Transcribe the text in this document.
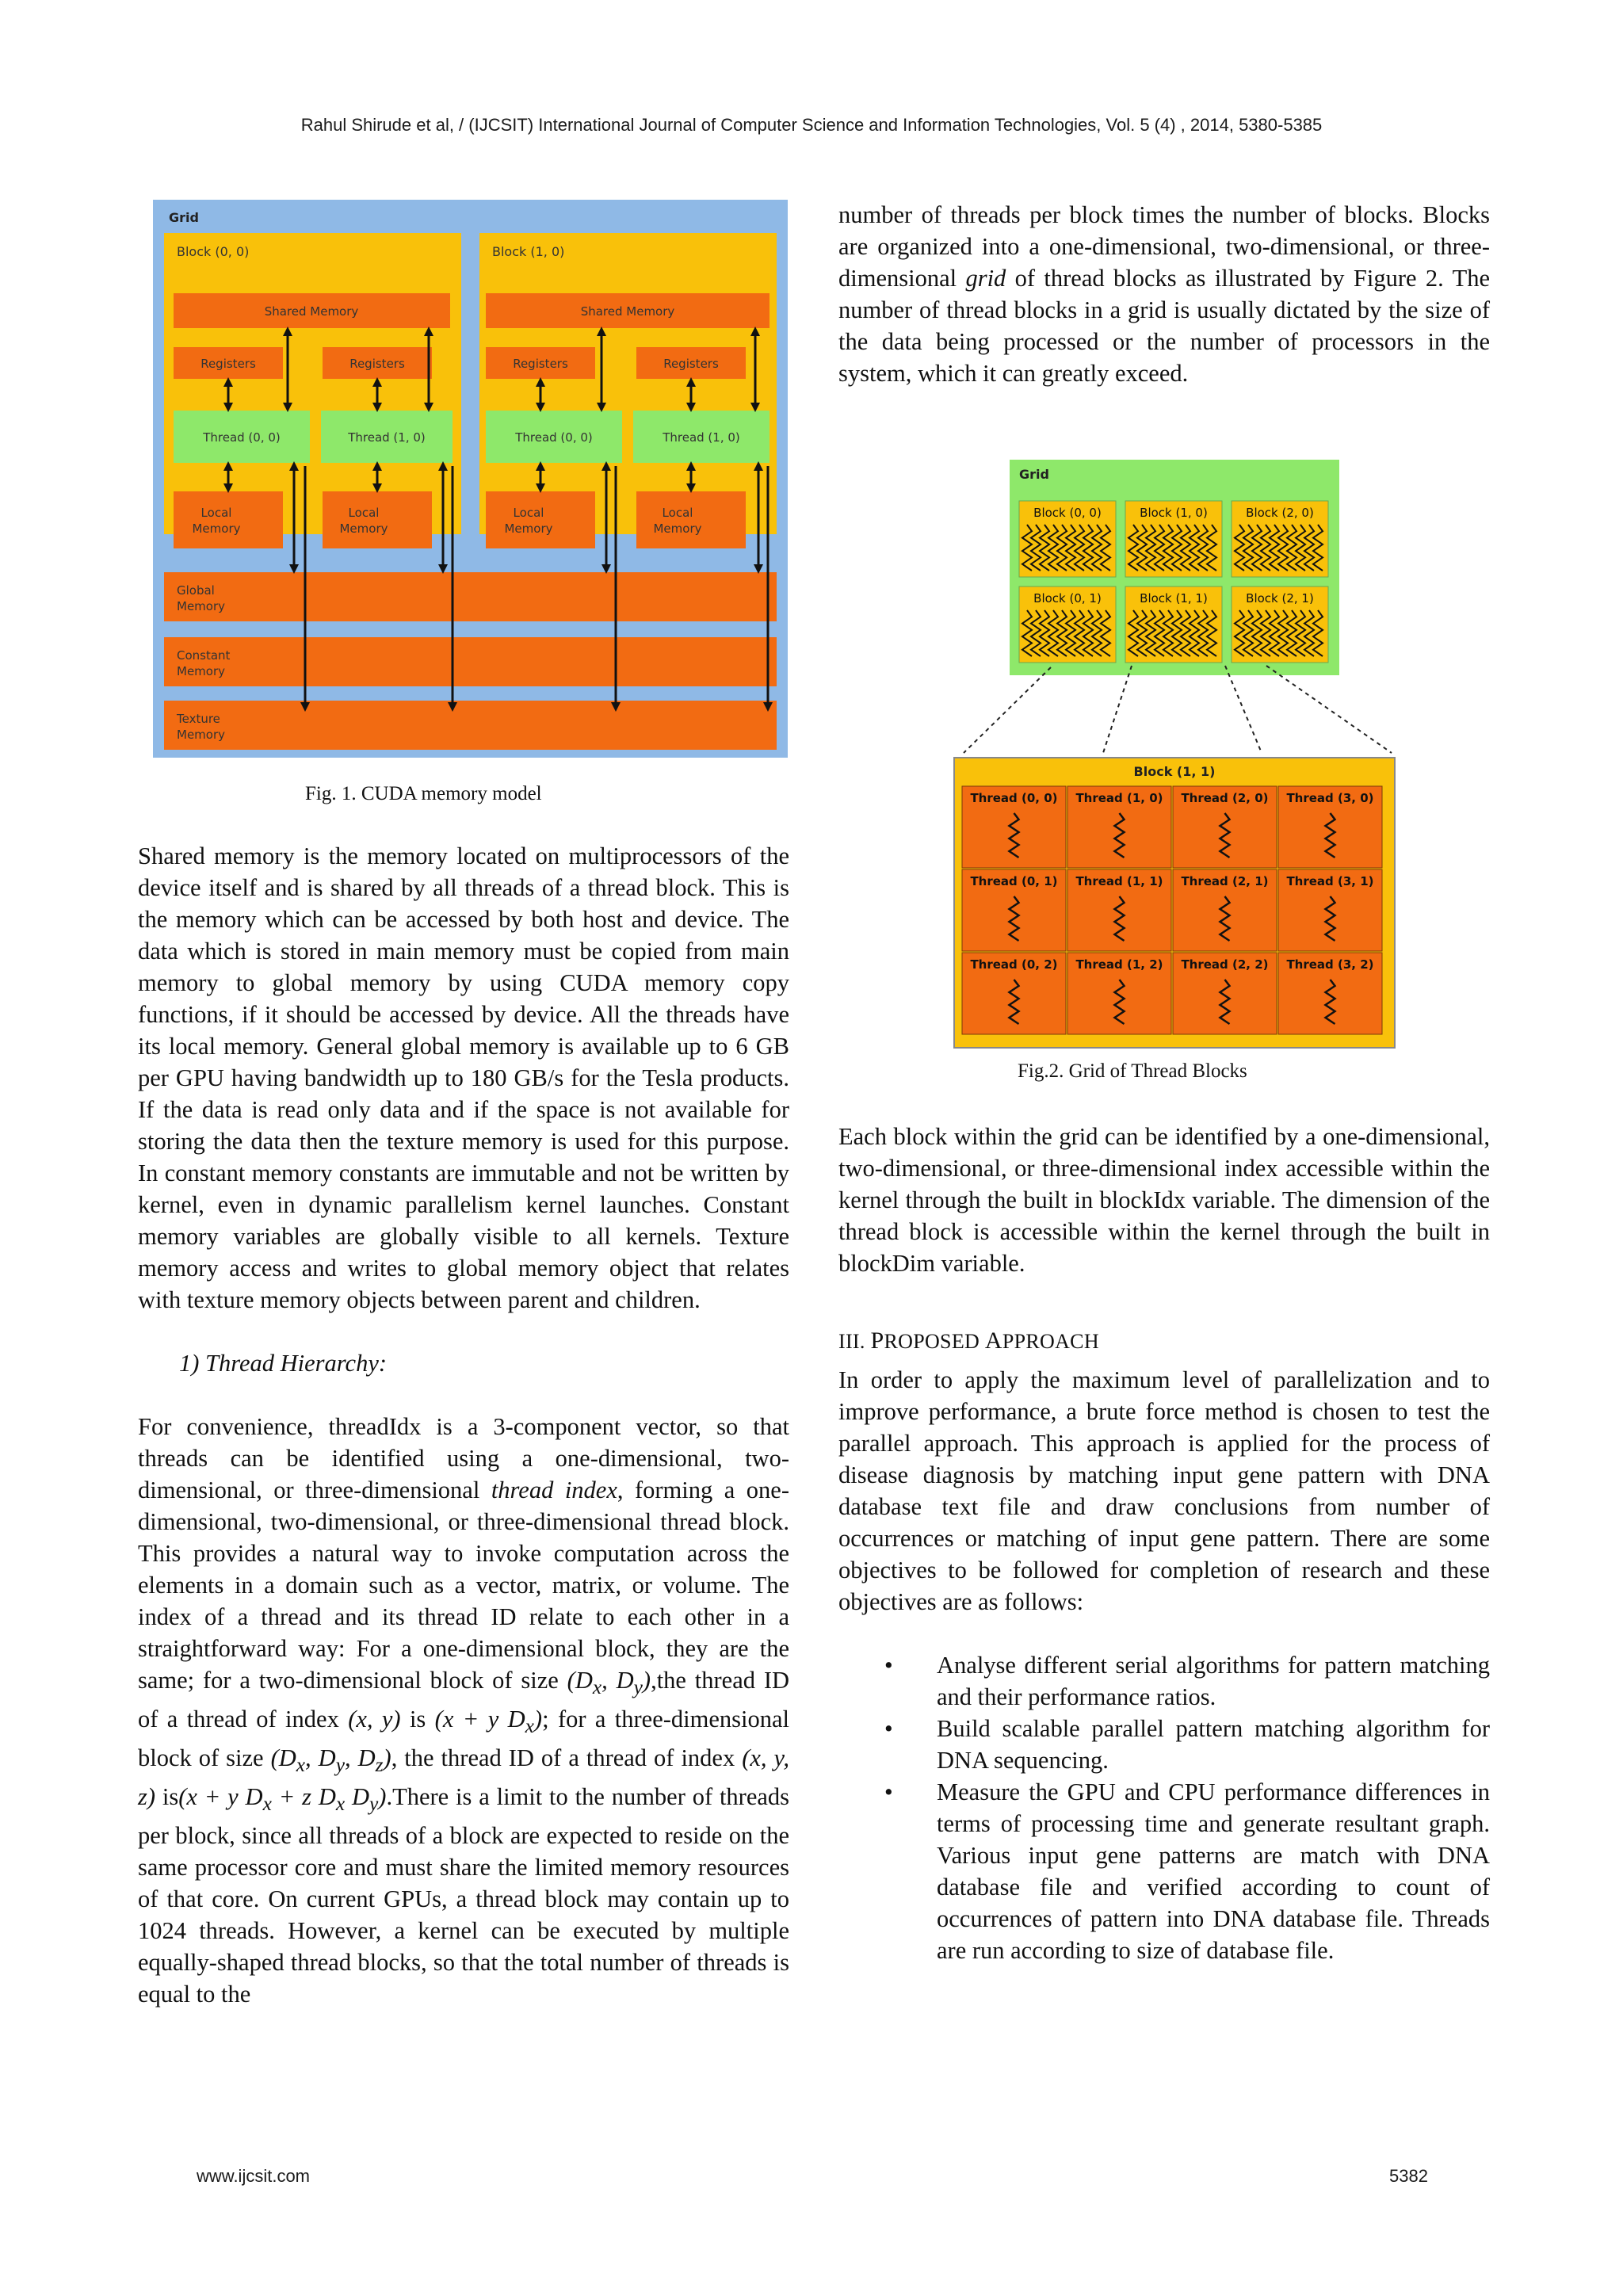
Rahul Shirude et al, / (IJCSIT) International Journal of Computer Science and Information Technologies, Vol. 5 (4) , 2014, 5380-5385
Grid
Block (0, 0)
Shared Memory
Registers	Registers
Thread (0, 0)	Thread (1, 0)
Local
Memory
Local
Memory
Block (1, 0)
Shared Memory
Registers	Registers
Thread (0, 0)	Thread (1, 0)
Local
Memory
Local
Memory
Global
Memory
Constant
Memory
Texture
Memory
Fig. 1. CUDA memory model

Shared memory is the memory located on multiprocessors of the device itself and is shared by all threads of a thread block. This is the memory which can be accessed by both host and device. The data which is stored in main memory must be copied from main memory to global memory by using CUDA memory copy functions, if it should be accessed by device. All the threads have its local memory. General global memory is available up to 6 GB per GPU having bandwidth up to 180 GB/s for the Tesla products. If the data is read only data and if the space is not available for storing the data then the texture memory is used for this purpose. In constant memory constants are immutable and not be written by kernel, even in dynamic parallelism kernel launches. Constant memory variables are globally visible to all kernels. Texture memory access and writes to global memory object that relates with texture memory objects between parent and children.

1) Thread Hierarchy:

For convenience, threadIdx is a 3-component vector, so that threads can be identified using a one-dimensional, two-dimensional, or three-dimensional thread index, forming a one-dimensional, two-dimensional, or three-dimensional thread block. This provides a natural way to invoke computation across the elements in a domain such as a vector, matrix, or volume. The index of a thread and its thread ID relate to each other in a straightforward way: For a one-dimensional block, they are the same; for a two-dimensional block of size ($D_x$, $D_y),the$ thread ID of a thread of index (x, y) is (x + y $D_x$); for a three-dimensional block of size ($D_x$, $D_y$, $D_z$), the thread ID of a thread of index (x, y, z) is(x + y $D_x + z$ $D_x$ $D_y).There$ is a limit to the number of threads per block, since all threads of a block are expected to reside on the same processor core and must share the limited memory resources of that core. On current GPUs, a thread block may contain up to 1024 threads. However, a kernel can be executed by multiple equally-shaped thread blocks, so that the total number of threads is equal to the

number of threads per block times the number of blocks. Blocks are organized into a one-dimensional, two-dimensional, or three-dimensional grid of thread blocks as illustrated by Figure 2. The number of thread blocks in a grid is usually dictated by the size of the data being processed or the number of processors in the system, which it can greatly exceed.

Grid
Block (0, 0)	Block (1, 0)	Block (2, 0)
Block (0, 1)	Block (1, 1)	Block (2, 1)
Block (1, 1)
Thread (0, 0) Thread (1, 0) Thread (2, 0) Thread (3, 0)
Thread (0, 1) Thread (1, 1) Thread (2, 1) Thread (3, 1)
Thread (0, 2) Thread (1, 2) Thread (2, 2) Thread (3, 2)
Fig.2. Grid of Thread Blocks

Each block within the grid can be identified by a one-dimensional, two-dimensional, or three-dimensional index accessible within the kernel through the built in blockIdx variable. The dimension of the thread block is accessible within the kernel through the built in blockDim variable.

III. PROPOSED APPROACH

In order to apply the maximum level of parallelization and to improve performance, a brute force method is chosen to test the parallel approach. This approach is applied for the process of disease diagnosis by matching input gene pattern with DNA database text file and draw conclusions from number of occurrences or matching of input gene pattern. There are some objectives to be followed for completion of research and these objectives are as follows:

• Analyse different serial algorithms for pattern matching and their performance ratios.
• Build scalable parallel pattern matching algorithm for DNA sequencing.
• Measure the GPU and CPU performance differences in terms of processing time and generate resultant graph. Various input gene patterns are match with DNA database file and verified according to count of occurrences of pattern into DNA database file. Threads are run according to size of database file.
www.ijcsit.com	5382
